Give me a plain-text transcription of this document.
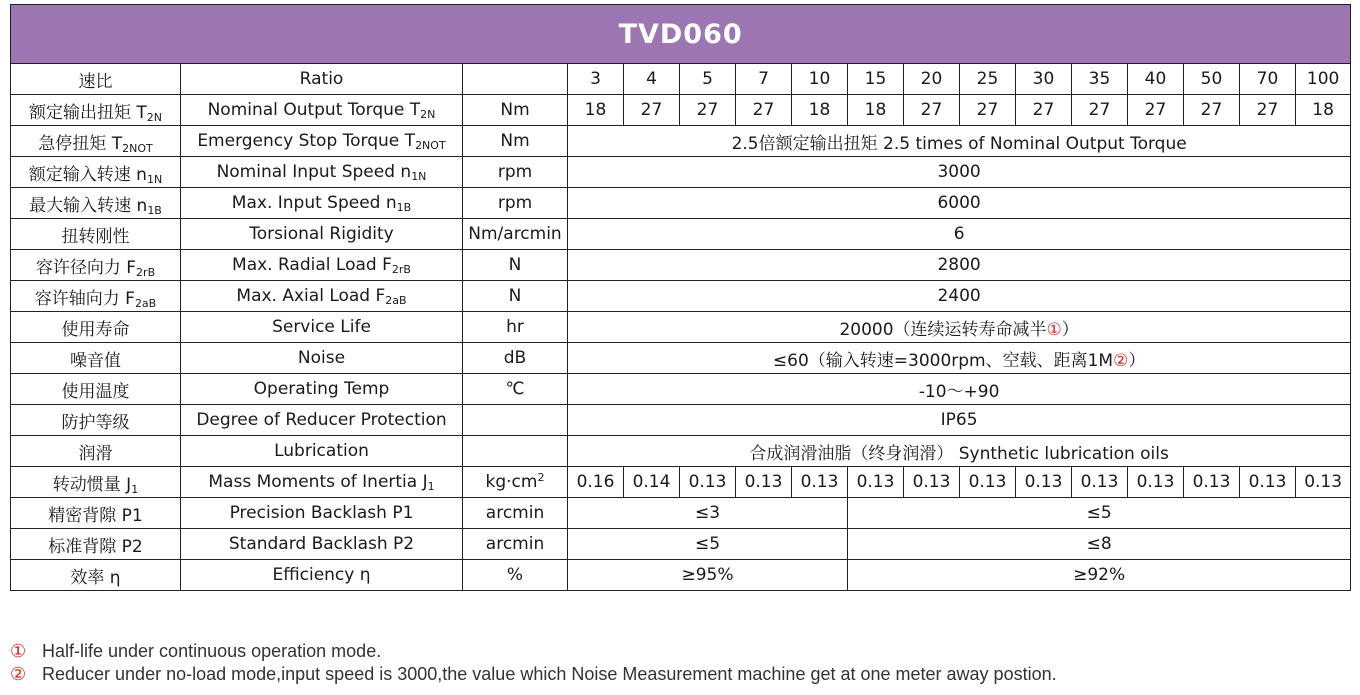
TVD060																
速比	Ratio		3	4	5	7	10	15	20	25	30	35	40	50	70	100
额定输出扭矩 $T_{2N}$	Nominal Output Torque $T_{2N}$	Nm	18	27	27	27	18	18	27	27	27	27	27	27	27	18
急停扭矩 $T_{2NOT}$	Emergency Stop Torque $T_{2NOT}$	Nm	2.5倍额定输出扭矩 2.5 times of Nominal Output Torque													
额定输入转速 $n_{1N}$	Nominal Input Speed $n_{1N}$	rpm	3000													
最大输入转速 $n_{1B}$	Max. Input Speed $n_{1B}$	rpm	6000													
扭转刚性	Torsional Rigidity	Nm/arcmin	6													
容许径向力 $F_{2rB}$	Max. Radial Load $F_{2rB}$	N	2800													
容许轴向力 $F_{2aB}$	Max. Axial Load $F_{2aB}$	N	2400													
使用寿命	Service Life	hr	20000（连续运转寿命减半①）													
噪音值	Noise	dB	≤60（输入转速=3000rpm、空载、距离1M②）													
使用温度	Operating Temp	℃	-10～+90													
防护等级	Degree of Reducer Protection		IP65													
润滑	Lubrication		合成润滑油脂（终身润滑） Synthetic lubrication oils													
转动惯量 $J_1$	Mass Moments of Inertia $J_1$	$kg\cdot cm^2$	0.16	0.14	0.13	0.13	0.13	0.13	0.13	0.13	0.13	0.13	0.13	0.13	0.13	0.13
精密背隙 P1	Precision Backlash P1	arcmin	≤3					≤5								
标准背隙 P2	Standard Backlash P2	arcmin	≤5					≤8								
效率 η	Efficiency η	%	≥95%					≥92%								
① Half-life under continuous operation mode.
② Reducer under no-load mode,input speed is 3000,the value which Noise Measurement machine get at one meter away postion.
